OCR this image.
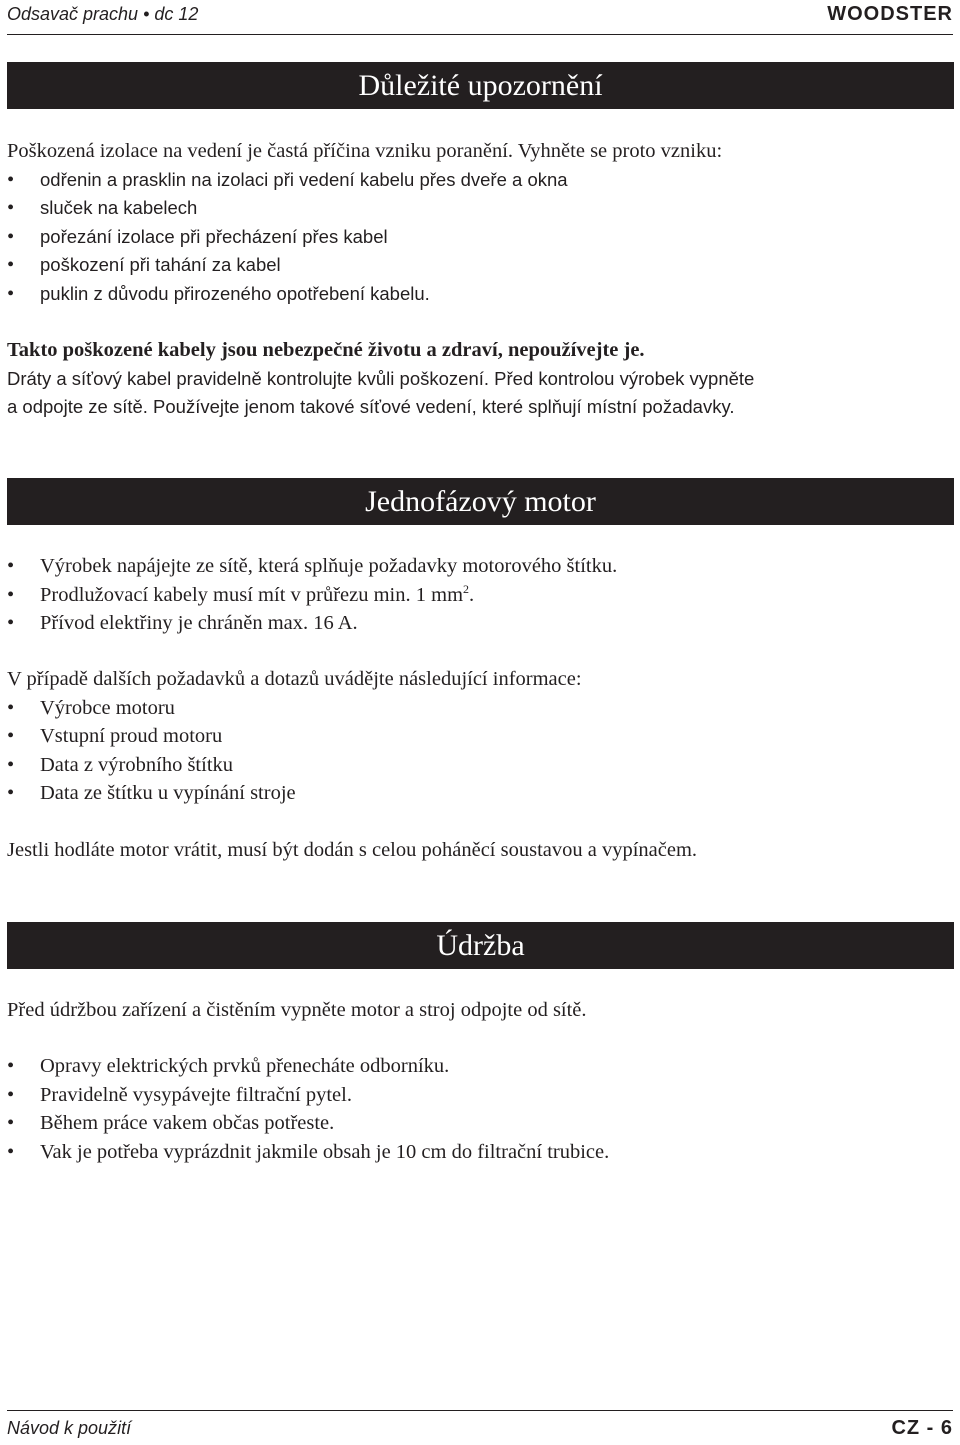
Odsavač prachu • dc 12	WOODSTER
Důležité upozornění

Poškozená izolace na vedení je častá příčina vzniku poranění. Vyhněte se proto vzniku:

• odřenin a prasklin na izolaci při vedení kabelu přes dveře a okna
• sluček na kabelech
• pořezání izolace při přecházení přes kabel
• poškození při tahání za kabel
• puklin z důvodu přirozeného opotřebení kabelu.

Takto poškozené kabely jsou nebezpečné životu a zdraví, nepoužívejte je.

Dráty a síťový kabel pravidelně kontrolujte kvůli poškození. Před kontrolou výrobek vypněte

a odpojte ze sítě. Používejte jenom takové síťové vedení, které splňují místní požadavky.

Jednofázový motor
• Výrobek napájejte ze sítě, která splňuje požadavky motorového štítku.
• Prodlužovací kabely musí mít v průřezu min. 1 $mm^2$.
• Přívod elektřiny je chráněn max. 16 A.

V případě dalších požadavků a dotazů uvádějte následující informace:

• Výrobce motoru
• Vstupní proud motoru
• Data z výrobního štítku
• Data ze štítku u vypínání stroje

Jestli hodláte motor vrátit, musí být dodán s celou poháněcí soustavou a vypínačem.

Údržba

Před údržbou zařízení a čistěním vypněte motor a stroj odpojte od sítě.

• Opravy elektrických prvků přenecháte odborníku.
• Pravidelně vysypávejte filtrační pytel.
• Během práce vakem občas potřeste.
• Vak je potřeba vyprázdnit jakmile obsah je 10 cm do filtrační trubice.
Návod k použití	CZ - 6
